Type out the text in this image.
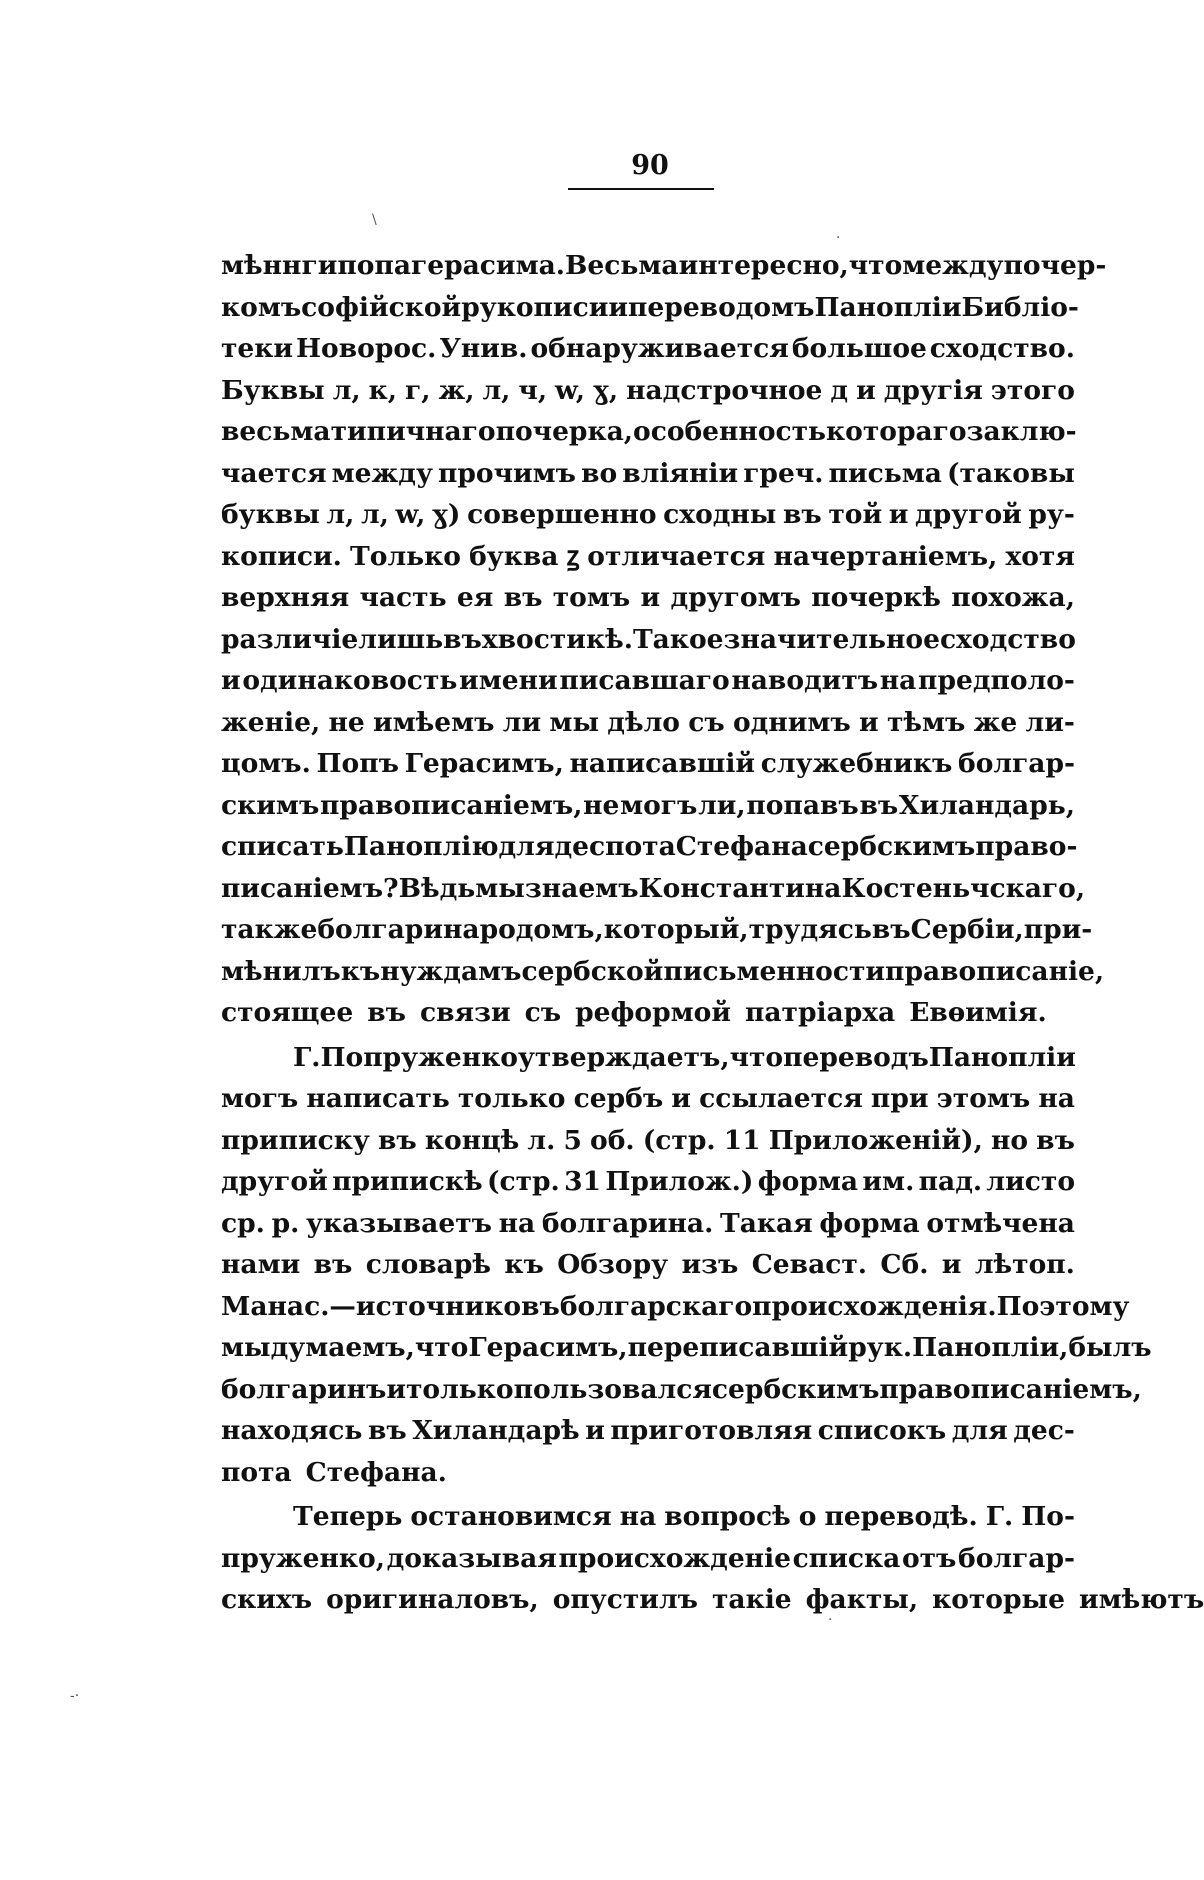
90
мѣнн ги попа герасима. Весьма интересно, что между почер-
комъ софійской рукописи и переводомъ Панопліи Библіо-
теки Новорос. Унив. обнаруживается большое сходство.
Буквы л, к, г, ж, л, ч, w, ɣ, надстрочное д и другія этого
весьма типичнаго почерка, особенность котораго заклю-
чается между прочимъ во вліяніи греч. письма (таковы
буквы л, л, w, ɣ) совершенно сходны въ той и другой ру-
кописи. Только буква ꙁ отличается начертаніемъ, хотя
верхняя часть ея въ томъ и другомъ почеркѣ похожа,
различіе лишь въ хвостикѣ. Такое значительное сходство
и одинаковость имени писавшаго наводитъ на предполо-
женіе, не имѣемъ ли мы дѣло съ однимъ и тѣмъ же ли-
цомъ. Попъ Герасимъ, написавшій служебникъ болгар-
скимъ правописаніемъ, не могъ ли, попавъ въ Хиландарь,
списать Паноплію для деспота Стефана сербскимъ право-
писаніемъ? Вѣдь мы знаемъ Константина Костеньчскаго,
также болгарина родомъ, который, трудясь въ Сербіи, при-
мѣнилъ къ нуждамъ сербской письменности правописаніе,
стоящее въ связи съ реформой патріарха Евѳимія.
Г. Попруженко утверждаетъ, что переводъ Панопліи
могъ написать только сербъ и ссылается при этомъ на
приписку въ концѣ л. 5 об. (стр. 11 Приложеній), но въ
другой припискѣ (стр. 31 Прилож.) форма им. пад. листо
ср. р. указываетъ на болгарина. Такая форма отмѣчена
нами въ словарѣ къ Обзору изъ Севаст. Сб. и лѣтоп.
Манас.—источниковъ болгарскаго происхожденія. Поэтому
мы думаемъ, что Герасимъ, переписавшій рук. Панопліи, былъ
болгаринъ и только пользовался сербскимъ правописаніемъ,
находясь въ Хиландарѣ и приготовляя списокъ для дес-
пота Стефана.
Теперь остановимся на вопросѣ о переводѣ. Г. По-
пруженко, доказывая происхожденіе списка отъ болгар-
скихъ оригиналовъ, опустилъ такіе факты, которые имѣютъ
\
·
-·
·
